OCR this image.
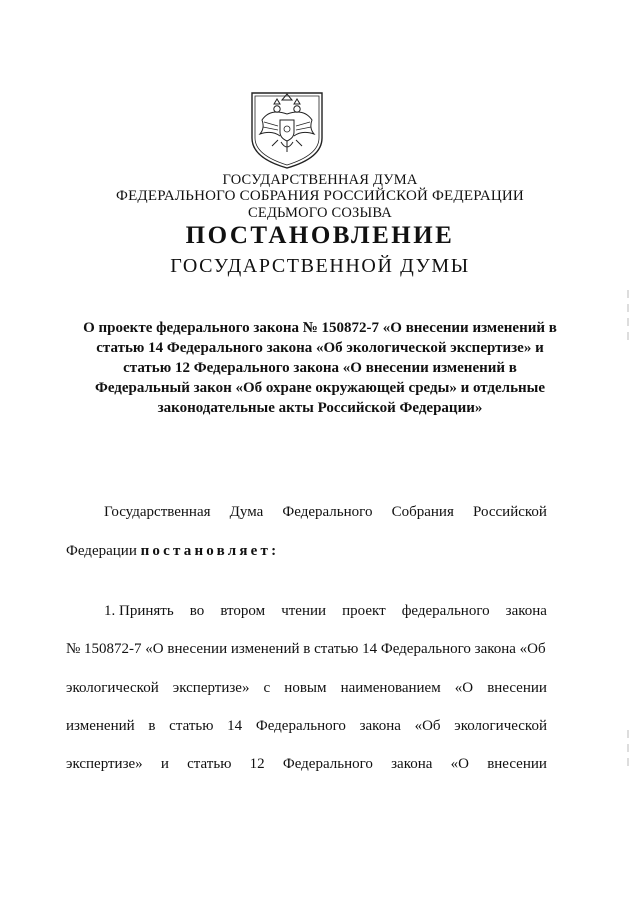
ГОСУДАРСТВЕННАЯ ДУМА
ФЕДЕРАЛЬНОГО СОБРАНИЯ РОССИЙСКОЙ ФЕДЕРАЦИИ
СЕДЬМОГО СОЗЫВА
ПОСТАНОВЛЕНИЕ
ГОСУДАРСТВЕННОЙ ДУМЫ
О проекте федерального закона № 150872-7 «О внесении изменений в
статью 14 Федерального закона «Об экологической экспертизе» и
статью 12 Федерального закона «О внесении изменений в
Федеральный закон «Об охране окружающей среды» и отдельные
законодательные акты Российской Федерации»
Государственная Дума Федерального Собрания Российской
Федерации постановляет:
1. Принять во втором чтении проект федерального закона
№ 150872-7 «О внесении изменений в статью 14 Федерального закона «Об
экологической экспертизе» с новым наименованием «О внесении
изменений в статью 14 Федерального закона «Об экологической
экспертизе» и статью 12 Федерального закона «О внесении
